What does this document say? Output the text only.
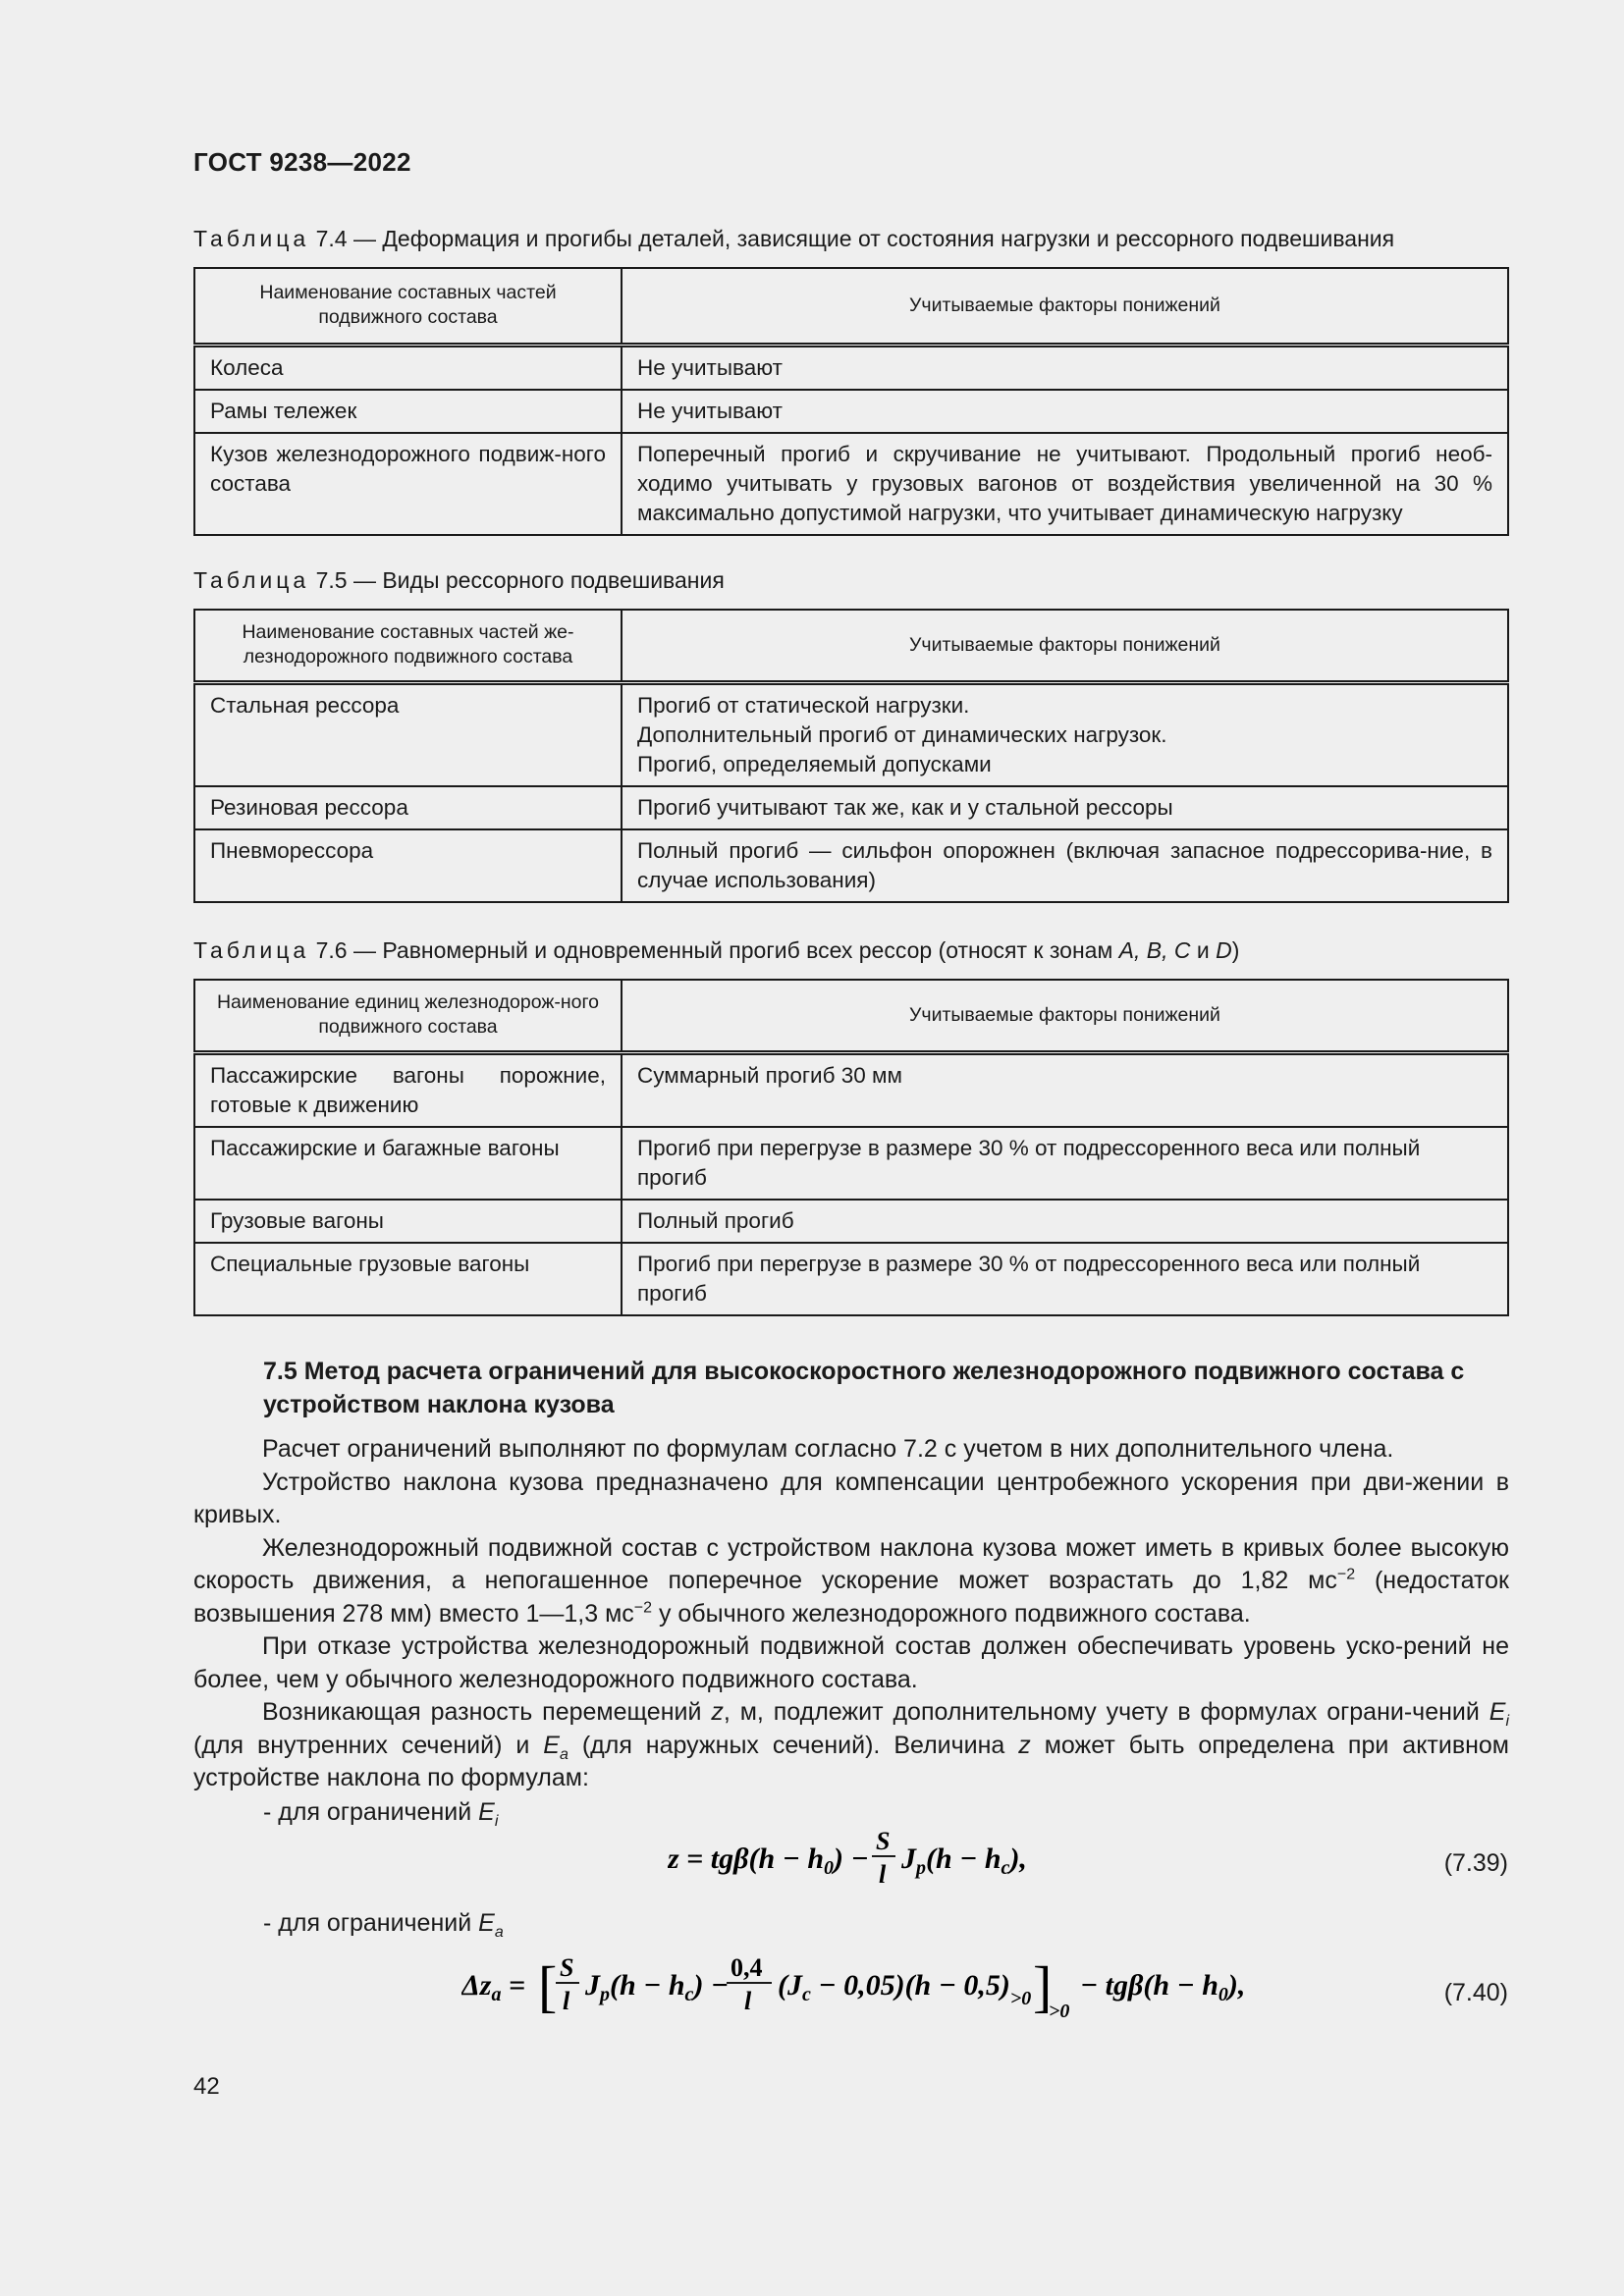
ГОСТ 9238—2022
Таблица 7.4 — Деформация и прогибы деталей, зависящие от состояния нагрузки и рессорного подвешивания
Наименование составных частей подвижного состава	Учитываемые факторы понижений
Колеса	Не учитывают
Рамы тележек	Не учитывают
Кузов железнодорожного подвиж-ного состава	Поперечный прогиб и скручивание не учитывают. Продольный прогиб необ-ходимо учитывать у грузовых вагонов от воздействия увеличенной на 30 % максимально допустимой нагрузки, что учитывает динамическую нагрузку
Таблица 7.5 — Виды рессорного подвешивания
Наименование составных частей же-лезнодорожного подвижного состава	Учитываемые факторы понижений
Стальная рессора	Прогиб от статической нагрузки.
Дополнительный прогиб от динамических нагрузок.
Прогиб, определяемый допусками

Резиновая рессора	Прогиб учитывают так же, как и у стальной рессоры
Пневморессора	Полный прогиб — сильфон опорожнен (включая запасное подрессорива-ние, в случае использования)
Таблица 7.6 — Равномерный и одновременный прогиб всех рессор (относят к зонам A, B, C и D)
Наименование единиц железнодорож-ного подвижного состава	Учитываемые факторы понижений
Пассажирские вагоны порожние, готовые к движению	Суммарный прогиб 30 мм
Пассажирские и багажные вагоны	Прогиб при перегрузе в размере 30 % от подрессоренного веса или полный прогиб
Грузовые вагоны	Полный прогиб
Специальные грузовые вагоны	Прогиб при перегрузе в размере 30 % от подрессоренного веса или полный прогиб
7.5 Метод расчета ограничений для высокоскоростного железнодорожного подвижного состава с устройством наклона кузова

Расчет ограничений выполняют по формулам согласно 7.2 с учетом в них дополнительного члена.

Устройство наклона кузова предназначено для компенсации центробежного ускорения при дви-жении в кривых.

Железнодорожный подвижной состав с устройством наклона кузова может иметь в кривых более высокую скорость движения, а непогашенное поперечное ускорение может возрастать до 1,82 $мс^{-2}$ (недостаток возвышения 278 мм) вместо 1—1,3 $мс^{-2}$ у обычного железнодорожного подвижного состава.

При отказе устройства железнодорожный подвижной состав должен обеспечивать уровень уско-рений не более, чем у обычного железнодорожного подвижного состава.

Возникающая разность перемещений z, м, подлежит дополнительному учету в формулах ограни-чений $E_i$ (для внутренних сечений) и $E_a$ (для наружных сечений). Величина z может быть определена при активном устройстве наклона по формулам:

- для ограничений $E_i$
$z = tg\beta(h - h_0)$ −
S
l $J_p(h - h_c)$,	(7.39)
- для ограничений $E_a$
$\Delta z_a$ = [ S
l $J_p(h - h_c)$ −
0,4
l $(J_c - 0,05)(h - 0,5)_{>0}$ ]
>0
− $tg\beta(h - h_0)$,	(7.40)
42
